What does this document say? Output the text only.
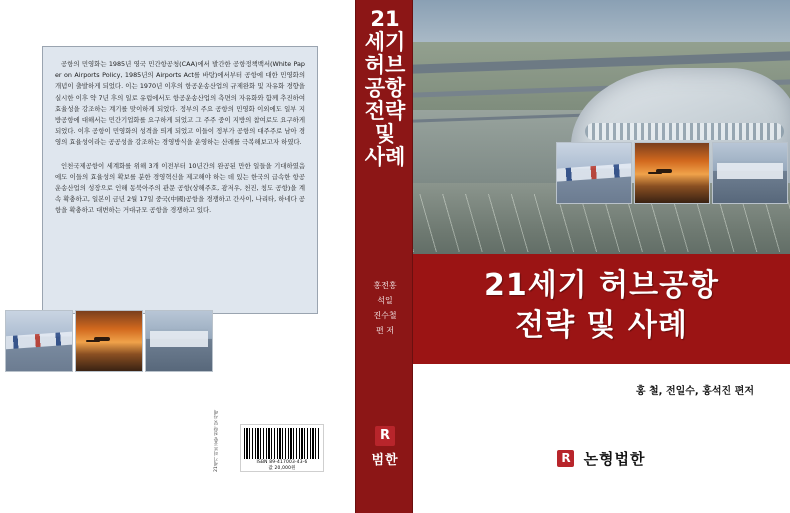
공항의 민영화는 1985년 영국 민간항공청(CAA)에서 발간한 공항정책백서(White Paper on Airports Policy, 1985년의 Airports Act를 바탕)에서부터 공항에 대한 민영화의 개념이 출발하게 되었다. 이는 1970년 이후의 항공운송산업의 규제완화 및 자유화 경향을 실시한 이후 약 7년 후의 일로 유럽에서도 항공운송산업의 측면의 자유화와 함께 추진하여 효율성을 강조하는 계기를 맞이하게 되었다. 정부의 주요 공항의 민영화 이외에도 일부 지방공항에 대해서는 민간기업화를 요구하게 되었고 그 주주 중이 지방의 참여로도 요구하게 되었다. 이후 공항이 민영화의 성격을 띄게 되었고 이들이 정부가 공항의 대주주로 남아 경영의 효율성이라는 공공성을 강조하는 경영방식을 운영하는 산례를 극복해보고자 하였다.

인천국제공항이 세계화를 위해 3개 이전부터 10년간의 완공된 만한 일들을 기대하였음에도 이들의 효율성의 확보를 분한 경영혁신을 제고해야 하는 데 있는 한국의 급속한 항공운송산업의 성장으로 인해 동북아주의 관문 공항(상해주호, 광저우, 천진, 칭도 공항)을 계속 확충하고, 일본이 금년 2월 17일 중국(中國)공항을 경쟁하고 간사이, 나리타, 하네다 공항을 확충하고 대변하는 거대규모 공항을 경쟁하고 있다.

21세기 허브공항 전략 및 사례	ISBN 89-417003-43-6
값 20,000원
21세기허브공항 전략 및 사례
홍전홍
석일
진수철
편 저
R
범한
21세기 허브공항
전략 및 사례
홍 철, 전일수, 홍석진 편저
R 논형법한
